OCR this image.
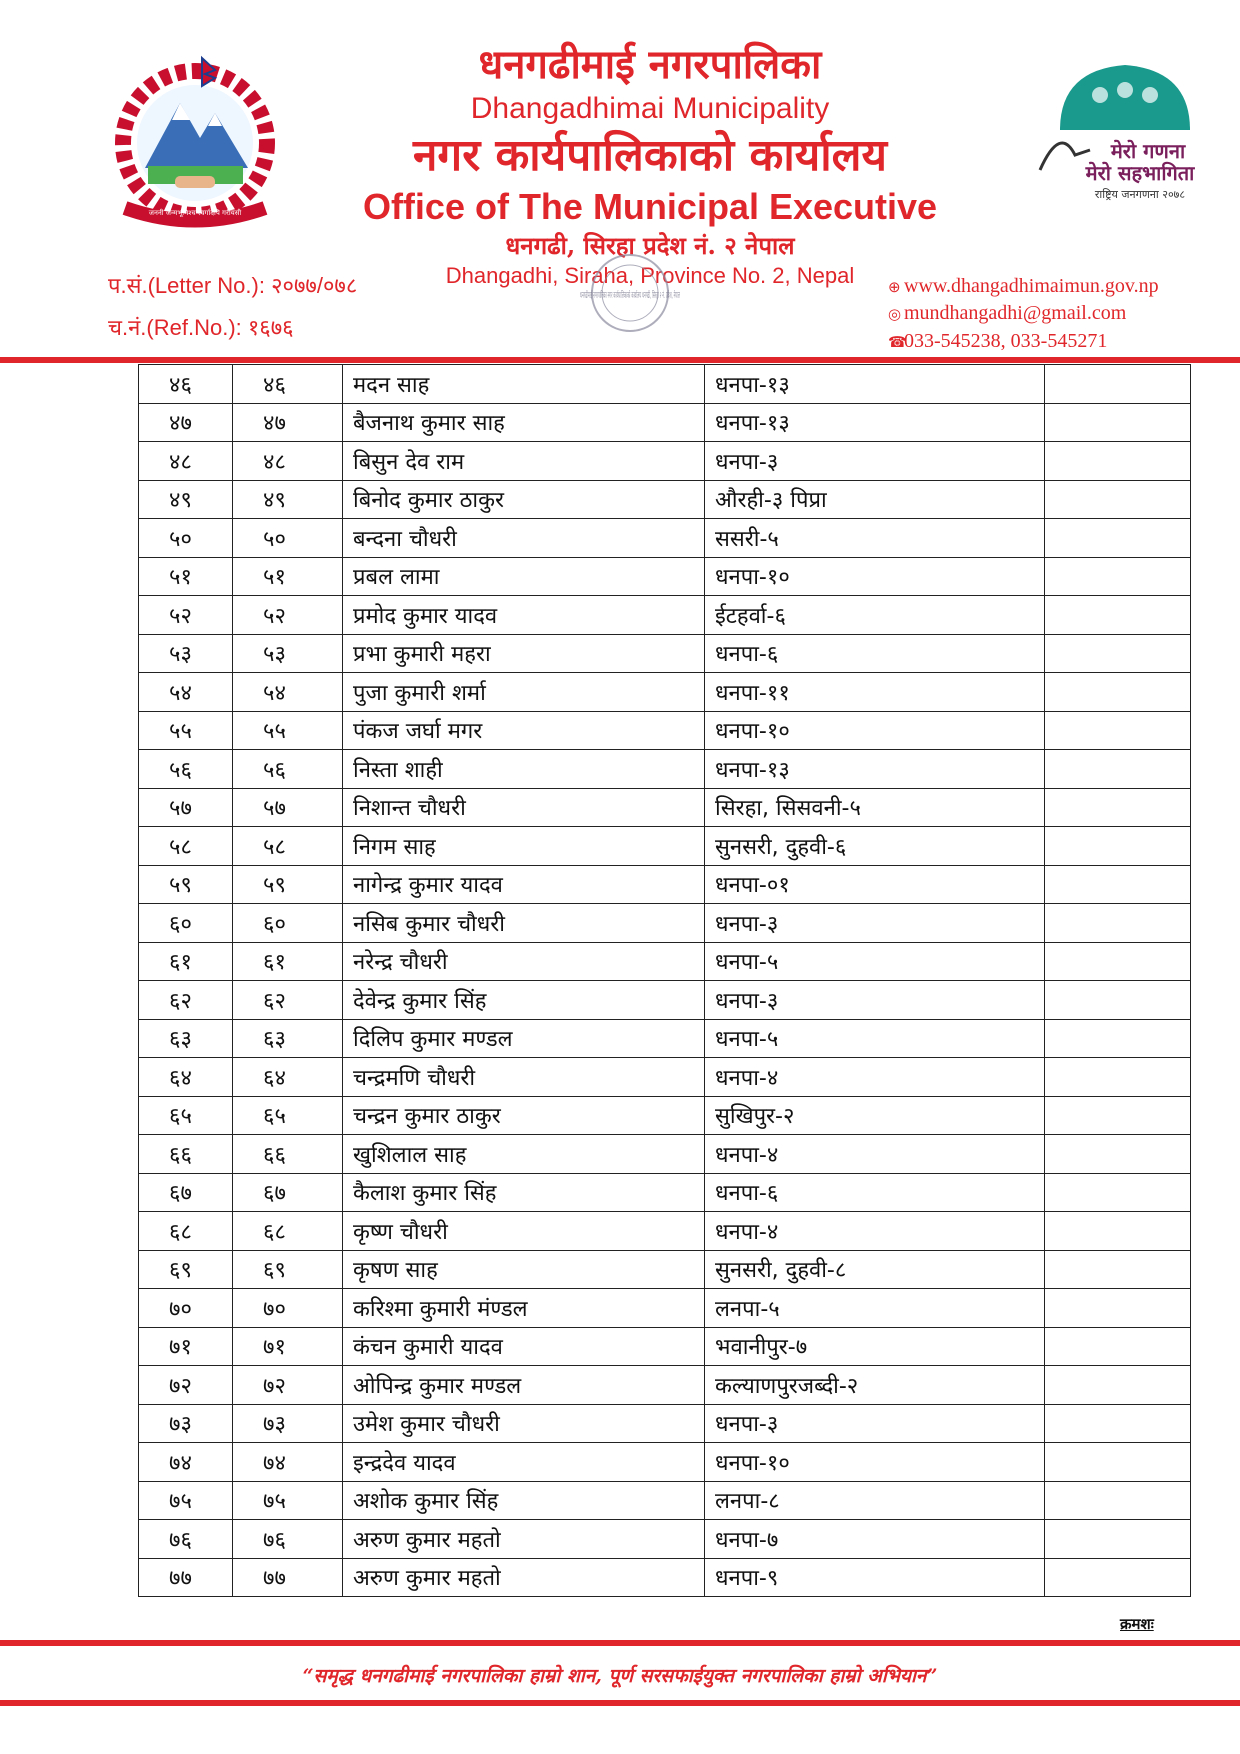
जननी जन्मभूमिश्च स्वर्गादपि गरीयसी
मेरो गणना
मेरो सहभागिता
राष्ट्रिय जनगणना २०७८
धनगढीमाई नगरपालिका
Dhangadhimai Municipality
नगर कार्यपालिकाको कार्यालय
Office of The Municipal Executive
धनगढी, सिरहा प्रदेश नं. २ नेपाल
Dhangadhi, Siraha, Province No. 2, Nepal
प.सं.(Letter No.): २०७७/०७८
च.नं.(Ref.No.): १६७६
⊕ www.dhangadhimaimun.gov.np
◎ mundhangadhi@gmail.com
☎033-545238, 033-545271
धनगढीमाई नगरपालिका नगर कार्यपालिकाको कार्यालय धनगढी, सिरहा २ नं. प्रदेश, नेपाल
४६	४६	मदन साह	धनपा-१३	
४७	४७	बैजनाथ कुमार साह	धनपा-१३	
४८	४८	बिसुन देव राम	धनपा-३	
४९	४९	बिनोद कुमार ठाकुर	औरही-३ पिप्रा	
५०	५०	बन्दना चौधरी	ससरी-५	
५१	५१	प्रबल लामा	धनपा-१०	
५२	५२	प्रमोद कुमार यादव	ईटहर्वा-६	
५३	५३	प्रभा कुमारी महरा	धनपा-६	
५४	५४	पुजा कुमारी शर्मा	धनपा-११	
५५	५५	पंकज जर्घा मगर	धनपा-१०	
५६	५६	निस्ता शाही	धनपा-१३	
५७	५७	निशान्त चौधरी	सिरहा, सिसवनी-५	
५८	५८	निगम साह	सुनसरी, दुहवी-६	
५९	५९	नागेन्द्र कुमार यादव	धनपा-०१	
६०	६०	नसिब कुमार चौधरी	धनपा-३	
६१	६१	नरेन्द्र चौधरी	धनपा-५	
६२	६२	देवेन्द्र कुमार सिंह	धनपा-३	
६३	६३	दिलिप कुमार मण्डल	धनपा-५	
६४	६४	चन्द्रमणि चौधरी	धनपा-४	
६५	६५	चन्द्रन कुमार ठाकुर	सुखिपुर-२	
६६	६६	खुशिलाल साह	धनपा-४	
६७	६७	कैलाश कुमार सिंह	धनपा-६	
६८	६८	कृष्ण चौधरी	धनपा-४	
६९	६९	कृषण साह	सुनसरी, दुहवी-८	
७०	७०	करिश्मा कुमारी मंण्डल	लनपा-५	
७१	७१	कंचन कुमारी यादव	भवानीपुर-७	
७२	७२	ओपिन्द्र कुमार मण्डल	कल्याणपुरजब्दी-२	
७३	७३	उमेश कुमार चौधरी	धनपा-३	
७४	७४	इन्द्रदेव यादव	धनपा-१०	
७५	७५	अशोक कुमार सिंह	लनपा-८	
७६	७६	अरुण कुमार महतो	धनपा-७	
७७	७७	अरुण कुमार महतो	धनपा-९	
क्रमशः
“समृद्ध धनगढीमाई नगरपालिका हाम्रो शान, पूर्ण सरसफाईयुक्त नगरपालिका हाम्रो अभियान”
